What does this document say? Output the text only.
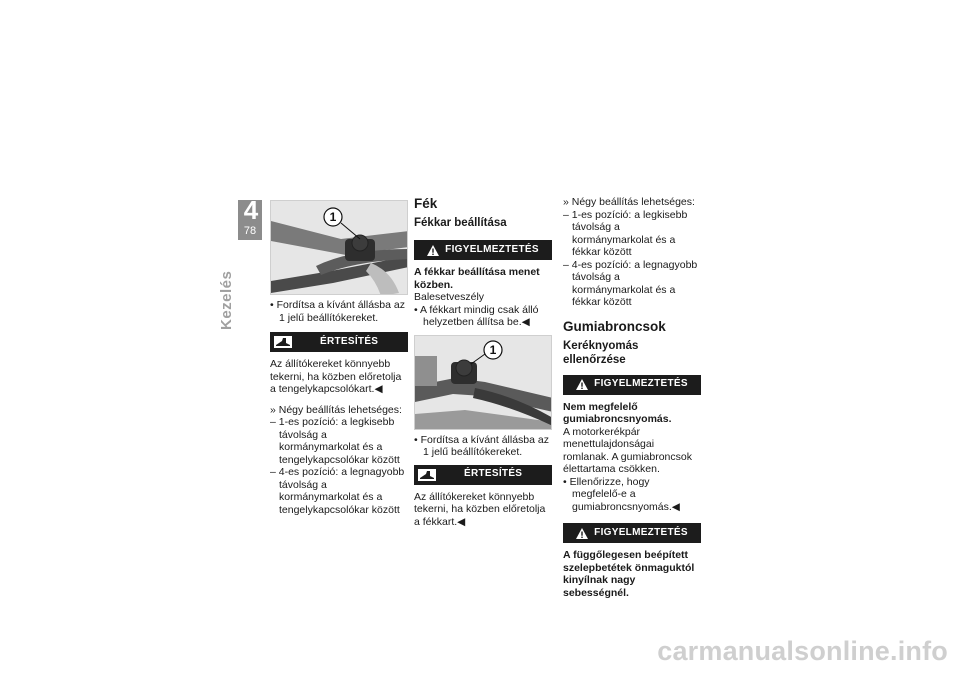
4
78
Kezelés
1

• Fordítsa a kívánt állásba az 1 jelű beállítókereket.

ÉRTESÍTÉS

Az állítókereket könnyebb tekerni, ha közben előretolja a tengelykapcsolókart.◀

» Négy beállítás lehetséges:

– 1-es pozíció: a legkisebb távolság a kormánymarkolat és a tengelykapcsolókar között

– 4-es pozíció: a legnagyobb távolság a kormánymarkolat és a tengelykapcsolókar között

Fék

Fékkar beállítása

FIGYELMEZTETÉS

A fékkar beállítása menet közben.

Balesetveszély

• A fékkart mindig csak álló helyzetben állítsa be.◀

1

• Fordítsa a kívánt állásba az 1 jelű beállítókereket.

ÉRTESÍTÉS

Az állítókereket könnyebb tekerni, ha közben előretolja a fékkart.◀

» Négy beállítás lehetséges:

– 1-es pozíció: a legkisebb távolság a kormánymarkolat és a fékkar között

– 4-es pozíció: a legnagyobb távolság a kormánymarkolat és a fékkar között

Gumiabroncsok

Keréknyomás ellenőrzése

FIGYELMEZTETÉS

Nem megfelelő gumiabroncsnyomás.

A motorkerékpár menettulajdonságai romlanak. A gumiabroncsok élettartama csökken.

• Ellenőrizze, hogy megfelelő-e a gumiabroncsnyomás.◀

FIGYELMEZTETÉS

A függőlegesen beépített szelepbetétek önmaguktól kinyílnak nagy sebességnél.

carmanualsonline.info
